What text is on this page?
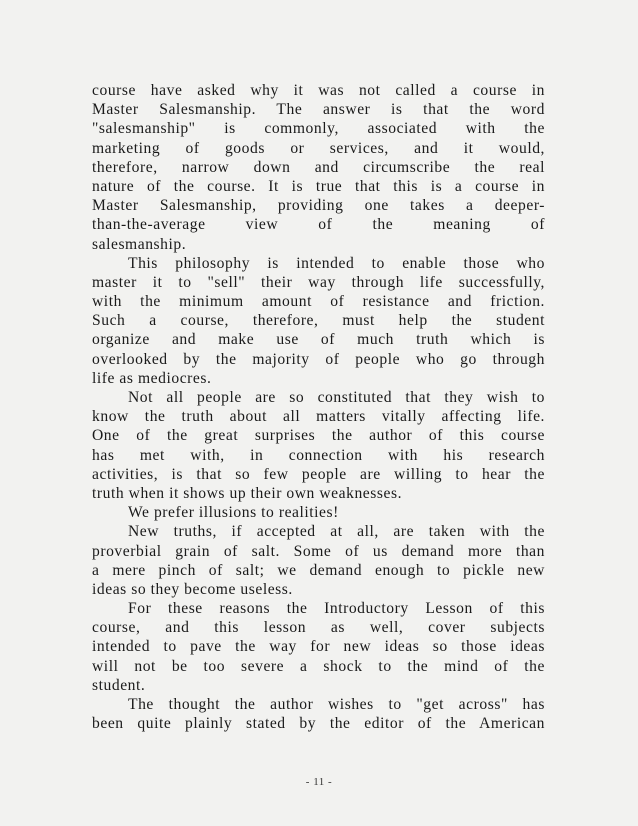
course have asked why it was not called a course in
Master Salesmanship. The answer is that the word
"salesmanship" is commonly, associated with the
marketing of goods or services, and it would,
therefore, narrow down and circumscribe the real
nature of the course. It is true that this is a course in
Master Salesmanship, providing one takes a deeper-
than-the-average view of the meaning of
salesmanship.
This philosophy is intended to enable those who
master it to "sell" their way through life successfully,
with the minimum amount of resistance and friction.
Such a course, therefore, must help the student
organize and make use of much truth which is
overlooked by the majority of people who go through
life as mediocres.
Not all people are so constituted that they wish to
know the truth about all matters vitally affecting life.
One of the great surprises the author of this course
has met with, in connection with his research
activities, is that so few people are willing to hear the
truth when it shows up their own weaknesses.
We prefer illusions to realities!
New truths, if accepted at all, are taken with the
proverbial grain of salt. Some of us demand more than
a mere pinch of salt; we demand enough to pickle new
ideas so they become useless.
For these reasons the Introductory Lesson of this
course, and this lesson as well, cover subjects
intended to pave the way for new ideas so those ideas
will not be too severe a shock to the mind of the
student.
The thought the author wishes to "get across" has
been quite plainly stated by the editor of the American
- 11 -
